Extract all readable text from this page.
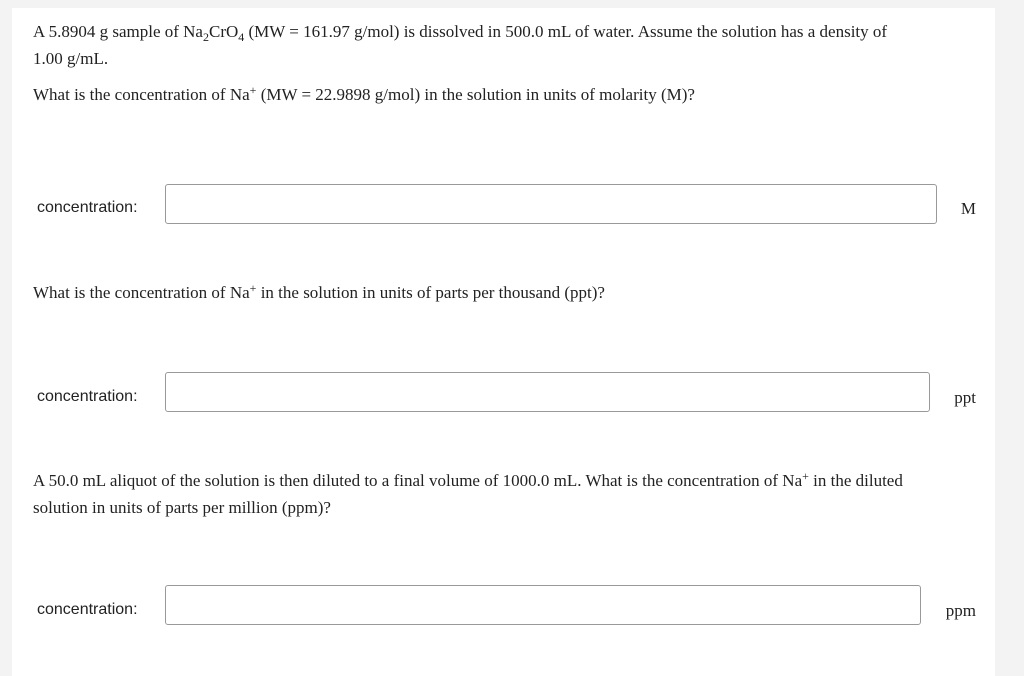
A 5.8904 g sample of $Na_2CrO_4$ (MW = 161.97 g/mol) is dissolved in 500.0 mL of water. Assume the solution has a density of
1.00 g/mL.

What is the concentration of Na+ (MW = 22.9898 g/mol) in the solution in units of molarity (M)?

concentration:	M

What is the concentration of Na+ in the solution in units of parts per thousand (ppt)?

concentration:	ppt

A 50.0 mL aliquot of the solution is then diluted to a final volume of 1000.0 mL. What is the concentration of Na+ in the diluted
solution in units of parts per million (ppm)?

concentration:	ppm
